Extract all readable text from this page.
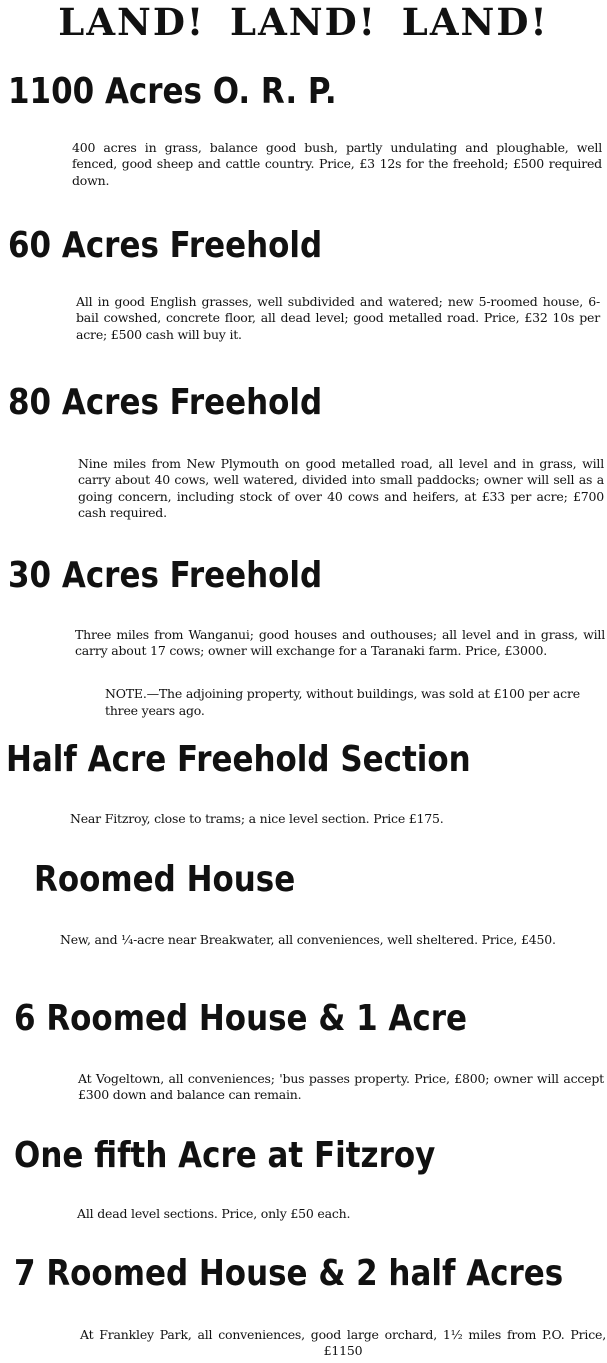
LAND! LAND! LAND!
1100 Acres O. R. P.
400 acres in grass, balance good bush, partly undulating and ploughable, well fenced, good sheep and cattle country. Price, £3 12s for the freehold; £500 required down.
60 Acres Freehold
All in good English grasses, well subdivided and watered; new 5-roomed house, 6-bail cowshed, concrete floor, all dead level; good metalled road. Price, £32 10s per acre; £500 cash will buy it.
80 Acres Freehold
Nine miles from New Plymouth on good metalled road, all level and in grass, will carry about 40 cows, well watered, divided into small paddocks; owner will sell as a going concern, including stock of over 40 cows and heifers, at £33 per acre; £700 cash required.
30 Acres Freehold
Three miles from Wanganui; good houses and outhouses; all level and in grass, will carry about 17 cows; owner will exchange for a Taranaki farm. Price, £3000.
NOTE.—The adjoining property, without buildings, was sold at £100 per acre three years ago.
Half Acre Freehold Section
Near Fitzroy, close to trams; a nice level section. Price £175.
Roomed House
New, and ¼-acre near Breakwater, all conveniences, well sheltered. Price, £450.
6 Roomed House & 1 Acre
At Vogeltown, all conveniences; 'bus passes property. Price, £800; owner will accept £300 down and balance can remain.
One fifth Acre at Fitzroy
All dead level sections. Price, only £50 each.
7 Roomed House & 2 half Acres
At Frankley Park, all conveniences, good large orchard, 1½ miles from P.O. Price, £1150
